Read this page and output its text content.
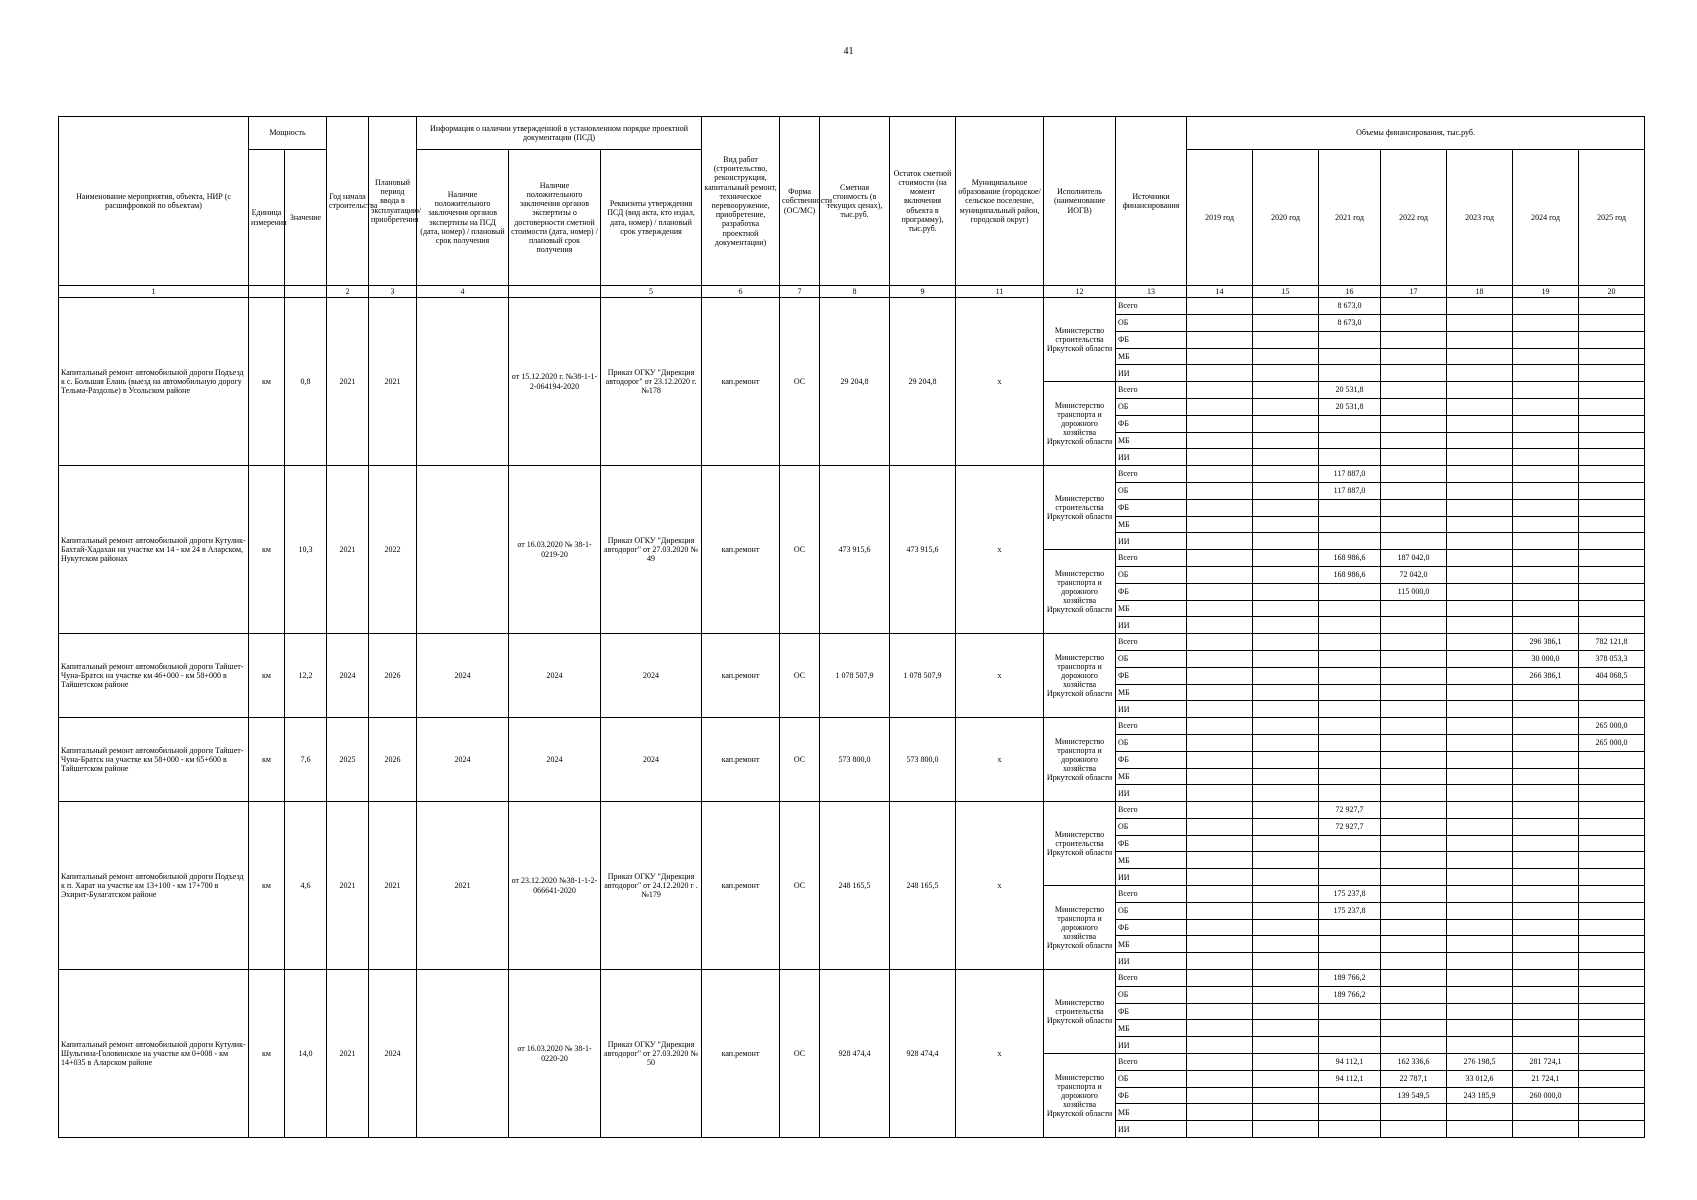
41
Наименование мероприятия, объекта, НИР (с расшифровкой по объектам)	Мощность		Год начала строительства	Плановый период ввода в эксплуатацию/приобретения	Информация о наличии утвержденной в установленном порядке проектной документации (ПСД)			Вид работ (строительство, реконструкция, капитальный ремонт, техническое перевооружение, приобретение, разработка проектной документации)	Форма собственности (ОС/МС)	Сметная стоимость (в текущих ценах), тыс.руб.	Остаток сметной стоимости (на момент включения объекта в программу), тыс.руб.	Муниципальное образование (городское/сельское поселение, муниципальный район, городской округ)	Исполнитель (наименование ИОГВ)	Источники финансирования	Объемы финансирования, тыс.руб.						
	Единица измерения	Значение			Наличие положительного заключения органов экспертизы на ПСД (дата, номер) / плановый срок получения	Наличие положительного заключения органов экспертизы о достоверности сметной стоимости (дата, номер) / плановый срок получения	Реквизиты утверждения ПСД (вид акта, кто издал, дата, номер) / плановый срок утверждения								2019 год	2020 год	2021 год	2022 год	2023 год	2024 год	2025 год
1			2	3	4		5	6	7	8	9	11	12	13	14	15	16	17	18	19	20
Капитальный ремонт автомобильной дороги Подъезд к с. Большая Елань (выезд на автомобильную дорогу Тельма-Раздолье) в Усольском районе	км	0,8	2021	2021		от 15.12.2020 г. №38-1-1-2-064194-2020	Приказ ОГКУ "Дирекция автодорог" от 23.12.2020 г. №178	кап.ремонт	ОС	29 204,8	29 204,8	х	Министерство строительства Иркутской области	Всего			8 673,0				
														ОБ			8 673,0				
														ФБ							
														МБ							
														ИИ							
													Министерство транспорта и дорожного хозяйства Иркутской области	Всего			20 531,8				
														ОБ			20 531,8				
														ФБ							
														МБ							
														ИИ							
Капитальный ремонт автомобильной дороги Кутулик-Бахтай-Хадахан на участке км 14 - км 24 в Аларском, Нукутском районах	км	10,3	2021	2022		от 16.03.2020 № 38-1-0219-20	Приказ ОГКУ "Дирекция автодорог" от 27.03.2020 № 49	кап.ремонт	ОС	473 915,6	473 915,6	х	Министерство строительства Иркутской области	Всего			117 887,0				
														ОБ			117 887,0				
														ФБ							
														МБ							
														ИИ							
													Министерство транспорта и дорожного хозяйства Иркутской области	Всего			168 986,6	187 042,0			
														ОБ			168 986,6	72 042,0			
														ФБ				115 000,0			
														МБ							
														ИИ							
Капитальный ремонт автомобильной дороги Тайшет-Чуна-Братск на участке км 46+000 - км 58+000 в Тайшетском районе	км	12,2	2024	2026	2024	2024	2024	кап.ремонт	ОС	1 078 507,9	1 078 507,9	х	Министерство транспорта и дорожного хозяйства Иркутской области	Всего						296 386,1	782 121,8
														ОБ						30 000,0	378 053,3
														ФБ						266 386,1	404 068,5
														МБ							
														ИИ							
Капитальный ремонт автомобильной дороги Тайшет-Чуна-Братск на участке км 58+000 - км 65+600 в Тайшетском районе	км	7,6	2025	2026	2024	2024	2024	кап.ремонт	ОС	573 800,0	573 800,0	х	Министерство транспорта и дорожного хозяйства Иркутской области	Всего							265 000,0
														ОБ							265 000,0
														ФБ							
														МБ							
														ИИ							
Капитальный ремонт автомобильной дороги Подъезд к п. Харат на участке км 13+100 - км 17+700 в Эхирит-Булагатском районе	км	4,6	2021	2021	2021	от 23.12.2020 №38-1-1-2-066641-2020	Приказ ОГКУ "Дирекция автодорог" от 24.12.2020 г . №179	кап.ремонт	ОС	248 165,5	248 165,5	х	Министерство строительства Иркутской области	Всего			72 927,7				
														ОБ			72 927,7				
														ФБ							
														МБ							
														ИИ							
													Министерство транспорта и дорожного хозяйства Иркутской области	Всего			175 237,8				
														ОБ			175 237,8				
														ФБ							
														МБ							
														ИИ							
Капитальный ремонт автомобильной дороги Кутулик-Шульгина-Головинское на участке км 0+008 - км 14+035 в Аларском районе	км	14,0	2021	2024		от 16.03.2020 № 38-1-0220-20	Приказ ОГКУ "Дирекция автодорог" от 27.03.2020 № 50	кап.ремонт	ОС	928 474,4	928 474,4	х	Министерство строительства Иркутской области	Всего			189 766,2				
														ОБ			189 766,2				
														ФБ							
														МБ							
														ИИ							
													Министерство транспорта и дорожного хозяйства Иркутской области	Всего			94 112,1	162 336,6	276 198,5	281 724,1	
														ОБ			94 112,1	22 787,1	33 012,6	21 724,1	
														ФБ				139 549,5	243 185,9	260 000,0	
														МБ							
														ИИ							
